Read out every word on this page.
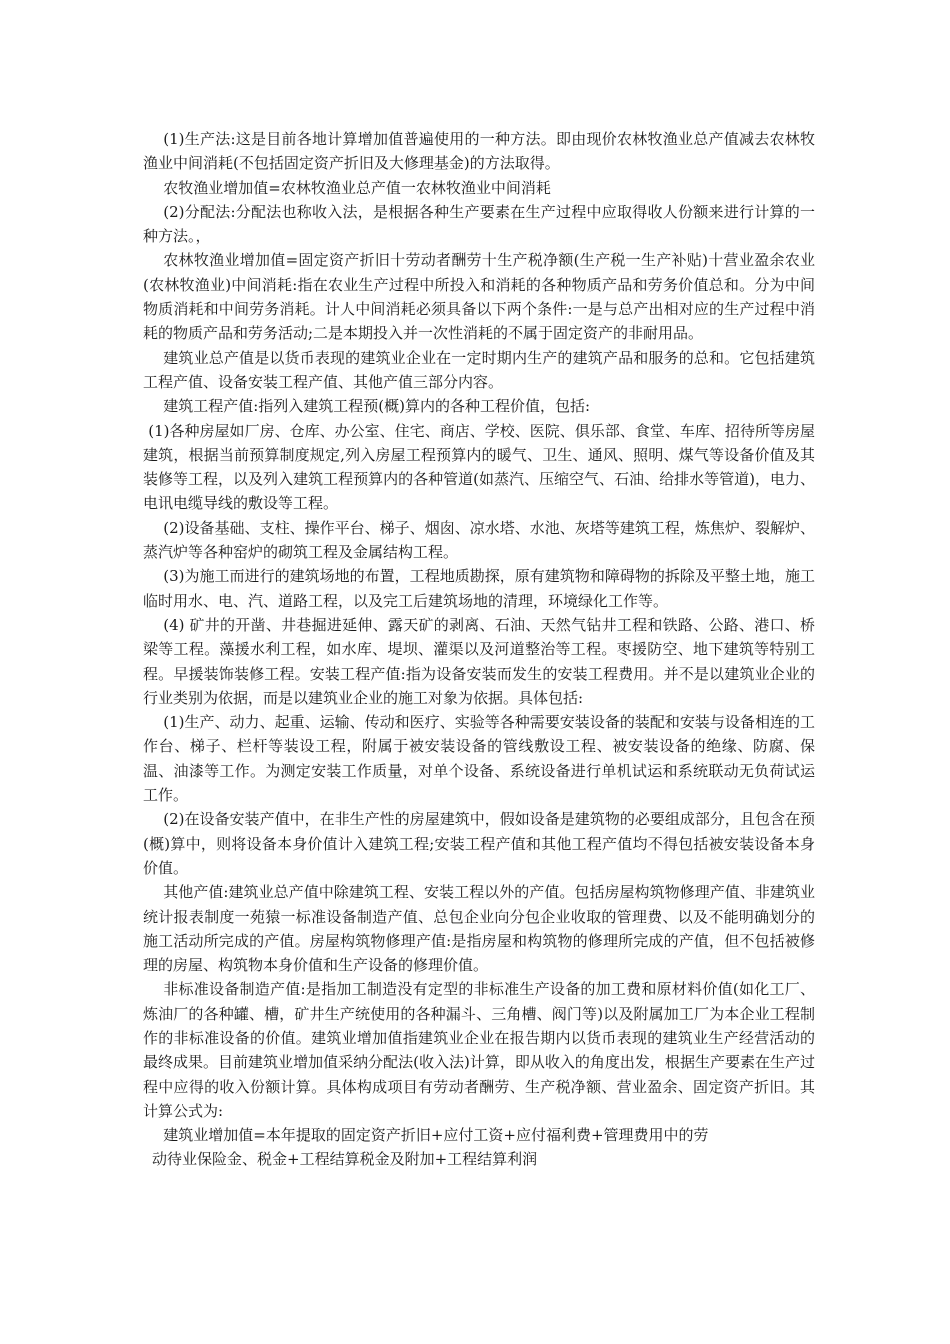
(1)生产法:这是目前各地计算增加值普遍使用的一种方法。即由现价农林牧渔业总产值减去农林牧渔业中间消耗(不包括固定资产折旧及大修理基金)的方法取得。

农牧渔业增加值=农林牧渔业总产值一农林牧渔业中间消耗

(2)分配法:分配法也称收入法，是根据各种生产要素在生产过程中应取得收人份额来进行计算的一种方法。，

农林牧渔业增加值=固定资产折旧十劳动者酬劳十生产税净额(生产税一生产补贴)十营业盈余农业(农林牧渔业)中间消耗:指在农业生产过程中所投入和消耗的各种物质产品和劳务价值总和。分为中间物质消耗和中间劳务消耗。计人中间消耗必须具备以下两个条件:一是与总产出相对应的生产过程中消耗的物质产品和劳务活动;二是本期投入并一次性消耗的不属于固定资产的非耐用品。

建筑业总产值是以货币表现的建筑业企业在一定时期内生产的建筑产品和服务的总和。它包括建筑工程产值、设备安装工程产值、其他产值三部分内容。

建筑工程产值:指列入建筑工程预(概)算内的各种工程价值，包括:

(1)各种房屋如厂房、仓库、办公室、住宅、商店、学校、医院、俱乐部、食堂、车库、招待所等房屋建筑，根据当前预算制度规定,列入房屋工程预算内的暖气、卫生、通风、照明、煤气等设备价值及其装修等工程，以及列入建筑工程预算内的各种管道(如蒸汽、压缩空气、石油、给排水等管道)，电力、电讯电缆导线的敷设等工程。

(2)设备基础、支柱、操作平台、梯子、烟囱、凉水塔、水池、灰塔等建筑工程，炼焦炉、裂解炉、蒸汽炉等各种窑炉的砌筑工程及金属结构工程。

(3)为施工而进行的建筑场地的布置，工程地质勘探，原有建筑物和障碍物的拆除及平整土地，施工临时用水、电、汽、道路工程，以及完工后建筑场地的清理，环境绿化工作等。

(4) 矿井的开凿、井巷掘进延伸、露天矿的剥离、石油、天然气钻井工程和铁路、公路、港口、桥梁等工程。藻援水利工程，如水库、堤坝、灌渠以及河道整治等工程。枣援防空、地下建筑等特别工程。早援装饰装修工程。安装工程产值:指为设备安装而发生的安装工程费用。并不是以建筑业企业的行业类别为依据，而是以建筑业企业的施工对象为依据。具体包括:

(1)生产、动力、起重、运输、传动和医疗、实验等各种需要安装设备的装配和安装与设备相连的工作台、梯子、栏杆等装设工程，附属于被安装设备的管线敷设工程、被安装设备的绝缘、防腐、保温、油漆等工作。为测定安装工作质量，对单个设备、系统设备进行单机试运和系统联动无负荷试运工作。

(2)在设备安装产值中，在非生产性的房屋建筑中，假如设备是建筑物的必要组成部分，且包含在预(概)算中，则将设备本身价值计入建筑工程;安装工程产值和其他工程产值均不得包括被安装设备本身价值。

其他产值:建筑业总产值中除建筑工程、安装工程以外的产值。包括房屋构筑物修理产值、非建筑业统计报表制度一苑猿一标准设备制造产值、总包企业向分包企业收取的管理费、以及不能明确划分的施工活动所完成的产值。房屋构筑物修理产值:是指房屋和构筑物的修理所完成的产值，但不包括被修理的房屋、构筑物本身价值和生产设备的修理价值。

非标准设备制造产值:是指加工制造没有定型的非标准生产设备的加工费和原材料价值(如化工厂、炼油厂的各种罐、槽，矿井生产统使用的各种漏斗、三角槽、阀门等)以及附属加工厂为本企业工程制作的非标准设备的价值。建筑业增加值指建筑业企业在报告期内以货币表现的建筑业生产经营活动的最终成果。目前建筑业增加值采纳分配法(收入法)计算，即从收入的角度出发，根据生产要素在生产过程中应得的收入份额计算。具体构成项目有劳动者酬劳、生产税净额、营业盈余、固定资产折旧。其计算公式为:

建筑业增加值=本年提取的固定资产折旧+应付工资+应付福利费+管理费用中的劳

动待业保险金、税金+工程结算税金及附加+工程结算利润
